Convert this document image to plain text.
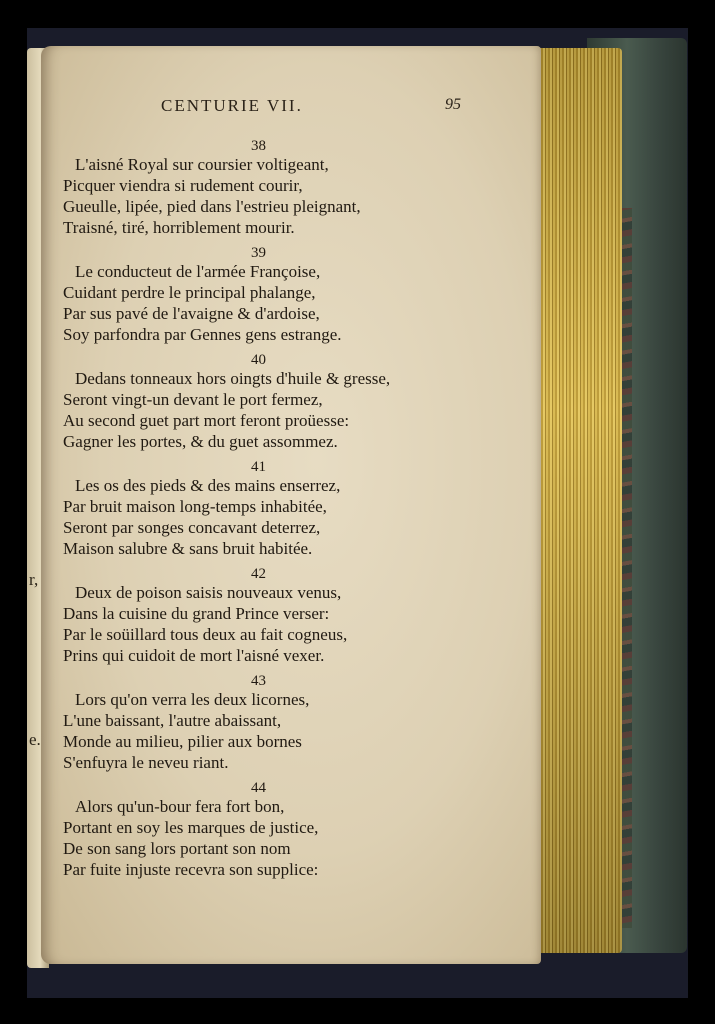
r,
e.
CENTURIE VII.	95
38
L'aisné Royal sur coursier voltigeant,
Picquer viendra si rudement courir,
Gueulle, lipée, pied dans l'estrieu pleignant,
Traisné, tiré, horriblement mourir.
39
Le conducteut de l'armée Françoise,
Cuidant perdre le principal phalange,
Par sus pavé de l'avaigne & d'ardoise,
Soy parfondra par Gennes gens estrange.
40
Dedans tonneaux hors oingts d'huile & gresse,
Seront vingt-un devant le port fermez,
Au second guet part mort feront proüesse:
Gagner les portes, & du guet assommez.
41
Les os des pieds & des mains enserrez,
Par bruit maison long-temps inhabitée,
Seront par songes concavant deterrez,
Maison salubre & sans bruit habitée.
42
Deux de poison saisis nouveaux venus,
Dans la cuisine du grand Prince verser:
Par le soüillard tous deux au fait cogneus,
Prins qui cuidoit de mort l'aisné vexer.
43
Lors qu'on verra les deux licornes,
L'une baissant, l'autre abaissant,
Monde au milieu, pilier aux bornes
S'enfuyra le neveu riant.
44
Alors qu'un-bour fera fort bon,
Portant en soy les marques de justice,
De son sang lors portant son nom
Par fuite injuste recevra son supplice:
